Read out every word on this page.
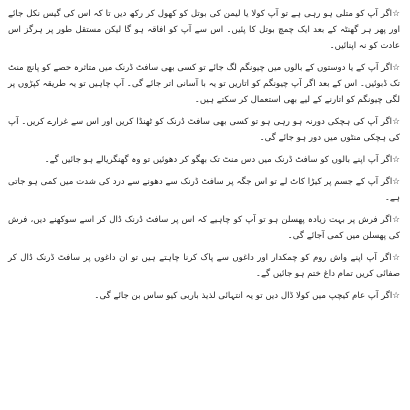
☆اگر آپ کو متلی ہو رہی ہے تو آپ کولا یا لیمن کی بوتل کو کھول کر رکھ دیں تا کہ اس کی گیس نکل جائے اور پھر ہر گھنٹہ کے بعد ایک چمچ بوتل کا پئیں۔ اس سے آپ کو افاقہ ہو گا لیکن مستقل طور پر ہرگز اس عادت کو نہ اپنائیں۔

☆اگر آپ کے یا دوستوں کے بالوں میں چیونگم لگ جائے تو کسی بھی سافٹ ڈرنک میں متاثرہ حصے کو پانچ منٹ تک ڈبوئیں۔ اس کے بعد اگر آپ چیونگم کو اتاریں تو یہ با آسانی اتر جائے گی۔ آپ چاہیں تو یہ طریقہ کپڑوں پر لگی چیونگم کو اتارنے کے لیے بھی استعمال کر سکتے ہیں۔

☆اگر آپ کی ہچکی دورنہ ہو رہی ہو تو کسی بھی سافٹ ڈرنک کو ٹھنڈا کریں اور اس سے غرارے کریں۔ آپ کی ہچکی منٹوں میں دور ہو جائے گی۔

☆اگر آپ اپنے بالوں کو سافٹ ڈرنک میں دس منٹ تک بھگو کر دھوئیں تو وہ گھنگریالے ہو جائیں گے۔

☆اگر آپ کے جسم پر کیڑا کاٹ لے تو اس جگہ پر سافٹ ڈرنک سے دھونے سے درد کی شدت میں کمی ہو جاتی ہے۔

☆اگر فرش پر بہت زیادہ پھسلن ہو تو آپ کو چاہیے کہ اس پر سافٹ ڈرنک ڈال کر اسے سوکھنے دیں، فرش کی پھسلن میں کمی آجائے گی۔

☆اگر آپ اپنے واش روم کو چمکدار اور داغوں سے پاک کرنا چاہتے ہیں تو ان داغوں پر سافٹ ڈرنک ڈال کر صفائی کریں تمام داغ ختم ہو جائیں گے۔

☆اگر آپ عام کیچپ میں کولا ڈال دیں تو یہ انتہائی لذیذ باربی کیو ساس بن جائے گی۔
